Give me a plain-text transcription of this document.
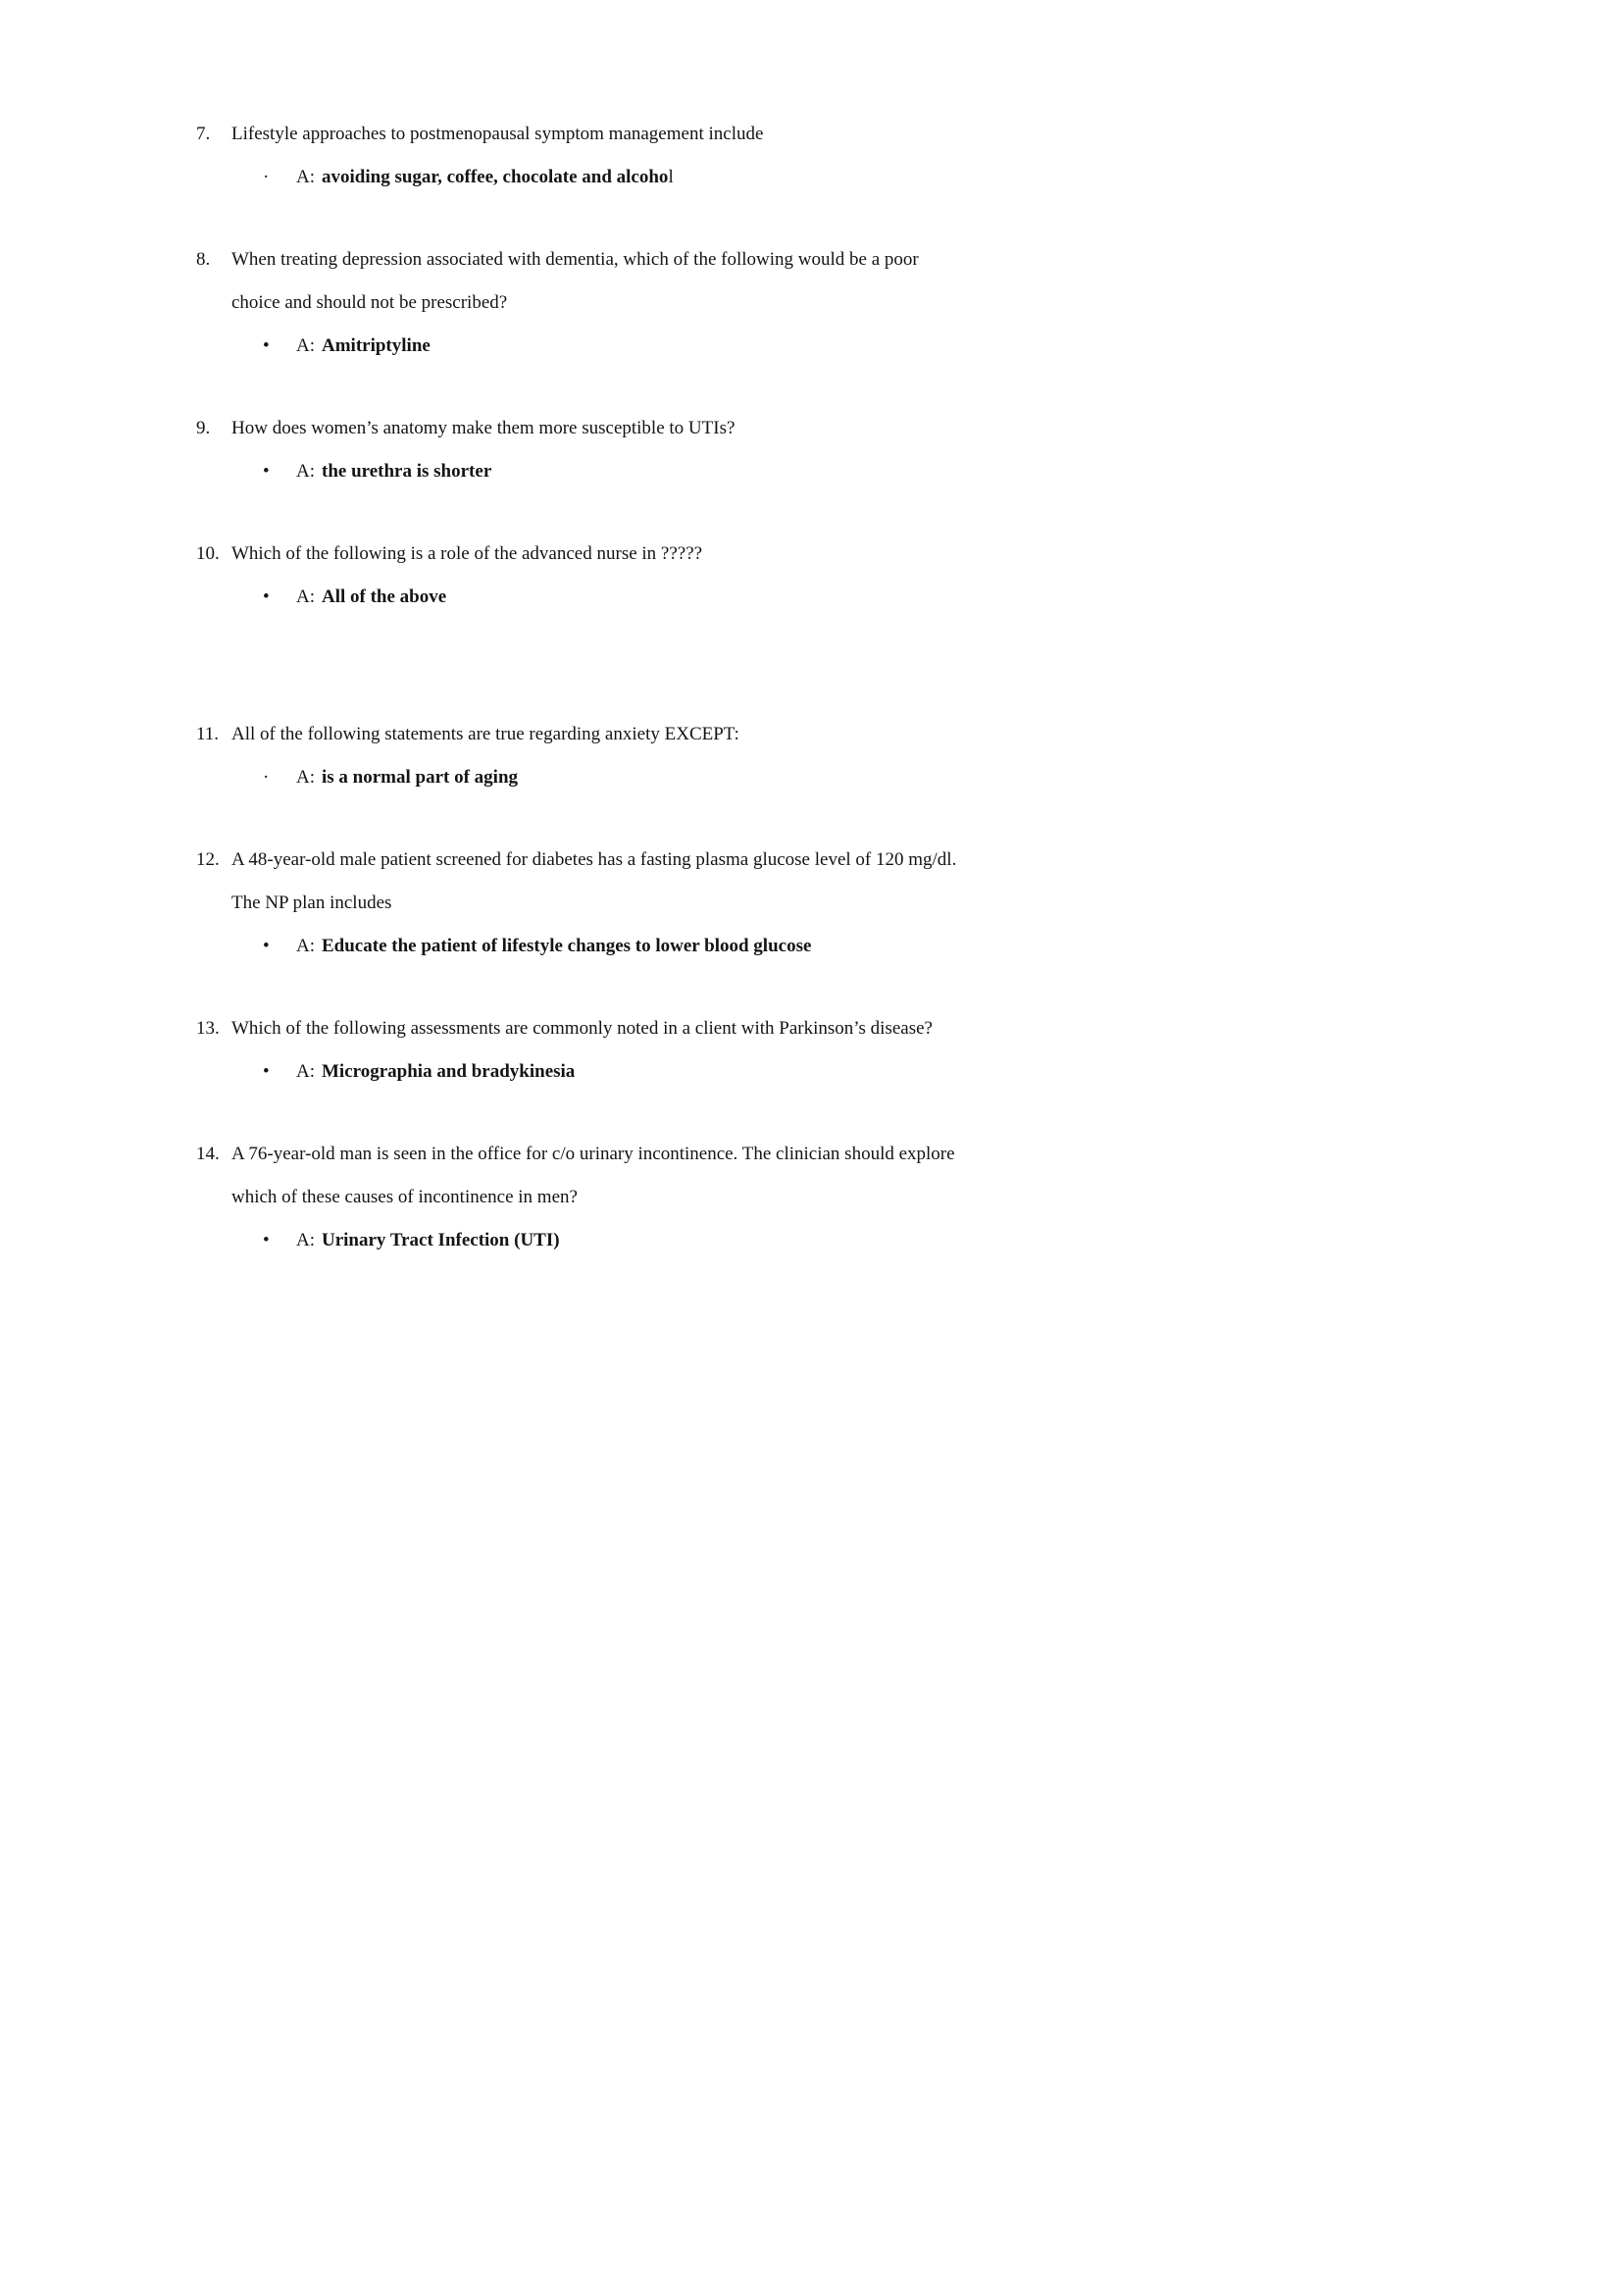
7.	Lifestyle approaches to postmenopausal symptom management include
·	A: avoiding sugar, coffee, chocolate and alcohol
8.	When treating depression associated with dementia, which of the following would be a poor
choice and should not be prescribed?
•	A: Amitriptyline
9.	How does women’s anatomy make them more susceptible to UTIs?
•	A: the urethra is shorter
10. Which of the following is a role of the advanced nurse in ?????
•	A: All of the above
11. All of the following statements are true regarding anxiety EXCEPT:
·	A: is a normal part of aging
12. A 48-year-old male patient screened for diabetes has a fasting plasma glucose level of 120 mg/dl.
The NP plan includes
•	A: Educate the patient of lifestyle changes to lower blood glucose
13. Which of the following assessments are commonly noted in a client with Parkinson’s disease?
•	A: Micrographia and bradykinesia
14. A 76-year-old man is seen in the office for c/o urinary incontinence. The clinician should explore
which of these causes of incontinence in men?
•	A: Urinary Tract Infection (UTI)
